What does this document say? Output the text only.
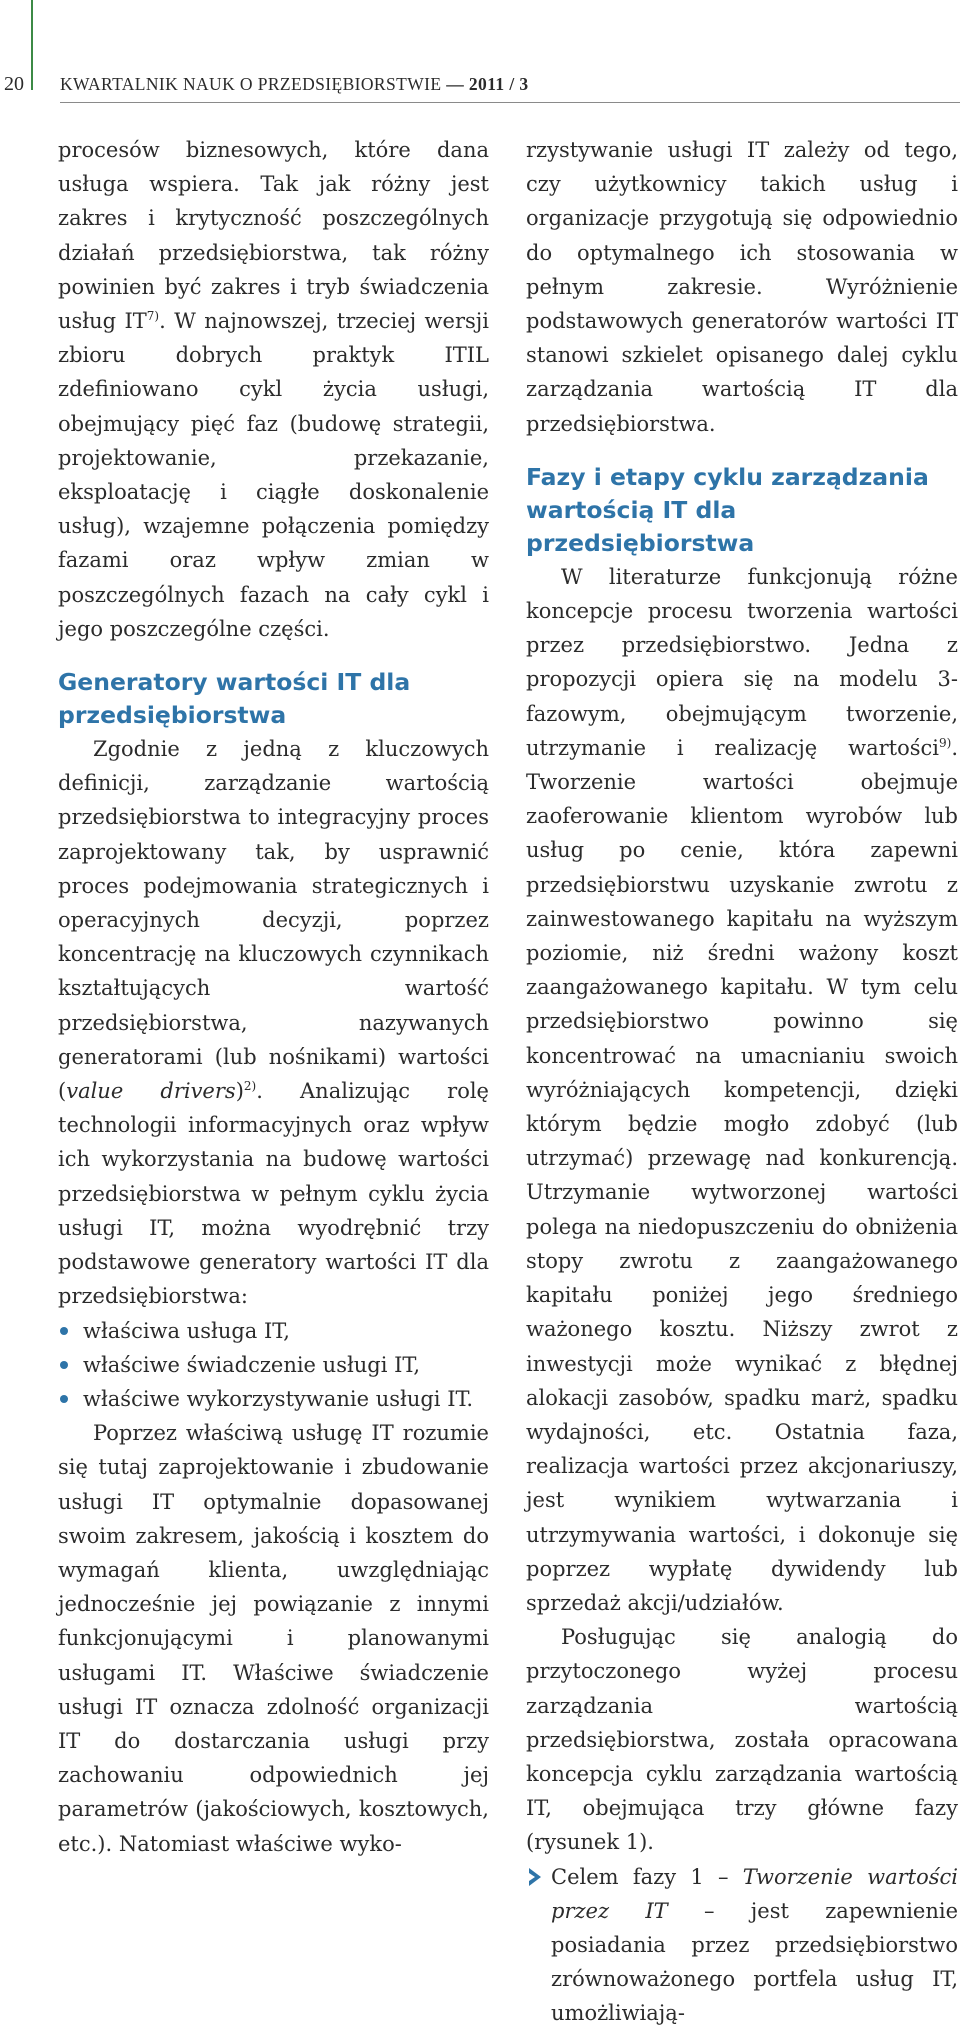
20 KWARTALNIK NAUK O PRZEDSIĘBIORSTWIE — 2011 / 3

procesów biznesowych, które dana usługa wspiera. Tak jak różny jest zakres i krytyczność poszczególnych działań przedsiębiorstwa, tak różny powinien być zakres i tryb świadczenia usług IT$^{7)}$. W najnowszej, trzeciej wersji zbioru dobrych praktyk ITIL zdefiniowano cykl życia usługi, obejmujący pięć faz (budowę strategii, projektowanie, przekazanie, eksploatację i ciągłe doskonalenie usług), wzajemne połączenia pomiędzy fazami oraz wpływ zmian w poszczególnych fazach na cały cykl i jego poszczególne części.

Generatory wartości IT dla przedsiębiorstwa

Zgodnie z jedną z kluczowych definicji, zarządzanie wartością przedsiębiorstwa to integracyjny proces zaprojektowany tak, by usprawnić proces podejmowania strategicznych i operacyjnych decyzji, poprzez koncentrację na kluczowych czynnikach kształtujących wartość przedsiębiorstwa, nazywanych generatorami (lub nośnikami) wartości (value drivers)$^{2)}$. Analizując rolę technologii informacyjnych oraz wpływ ich wykorzystania na budowę wartości przedsiębiorstwa w pełnym cyklu życia usługi IT, można wyodrębnić trzy podstawowe generatory wartości IT dla przedsiębiorstwa:

właściwa usługa IT,
właściwe świadczenie usługi IT,
właściwe wykorzystywanie usługi IT.

Poprzez właściwą usługę IT rozumie się tutaj zaprojektowanie i zbudowanie usługi IT optymalnie dopasowanej swoim zakresem, jakością i kosztem do wymagań klienta, uwzględniając jednocześnie jej powiązanie z innymi funkcjonującymi i planowanymi usługami IT. Właściwe świadczenie usługi IT oznacza zdolność organizacji IT do dostarczania usługi przy zachowaniu odpowiednich jej parametrów (jakościowych, kosztowych, etc.). Natomiast właściwe wyko-

rzystywanie usługi IT zależy od tego, czy użytkownicy takich usług i organizacje przygotują się odpowiednio do optymalnego ich stosowania w pełnym zakresie. Wyróżnienie podstawowych generatorów wartości IT stanowi szkielet opisanego dalej cyklu zarządzania wartością IT dla przedsiębiorstwa.

Fazy i etapy cyklu zarządzania wartością IT dla przedsiębiorstwa

W literaturze funkcjonują różne koncepcje procesu tworzenia wartości przez przedsiębiorstwo. Jedna z propozycji opiera się na modelu 3-fazowym, obejmującym tworzenie, utrzymanie i realizację wartości$^{9)}$. Tworzenie wartości obejmuje zaoferowanie klientom wyrobów lub usług po cenie, która zapewni przedsiębiorstwu uzyskanie zwrotu z zainwestowanego kapitału na wyższym poziomie, niż średni ważony koszt zaangażowanego kapitału. W tym celu przedsiębiorstwo powinno się koncentrować na umacnianiu swoich wyróżniających kompetencji, dzięki którym będzie mogło zdobyć (lub utrzymać) przewagę nad konkurencją. Utrzymanie wytworzonej wartości polega na niedopuszczeniu do obniżenia stopy zwrotu z zaangażowanego kapitału poniżej jego średniego ważonego kosztu. Niższy zwrot z inwestycji może wynikać z błędnej alokacji zasobów, spadku marż, spadku wydajności, etc. Ostatnia faza, realizacja wartości przez akcjonariuszy, jest wynikiem wytwarzania i utrzymywania wartości, i dokonuje się poprzez wypłatę dywidendy lub sprzedaż akcji/udziałów.

Posługując się analogią do przytoczonego wyżej procesu zarządzania wartością przedsiębiorstwa, została opracowana koncepcja cyklu zarządzania wartością IT, obejmująca trzy główne fazy (rysunek 1).

Celem fazy 1 – Tworzenie wartości przez IT – jest zapewnienie posiadania przez przedsiębiorstwo zrównoważonego portfela usług IT, umożliwiają-
